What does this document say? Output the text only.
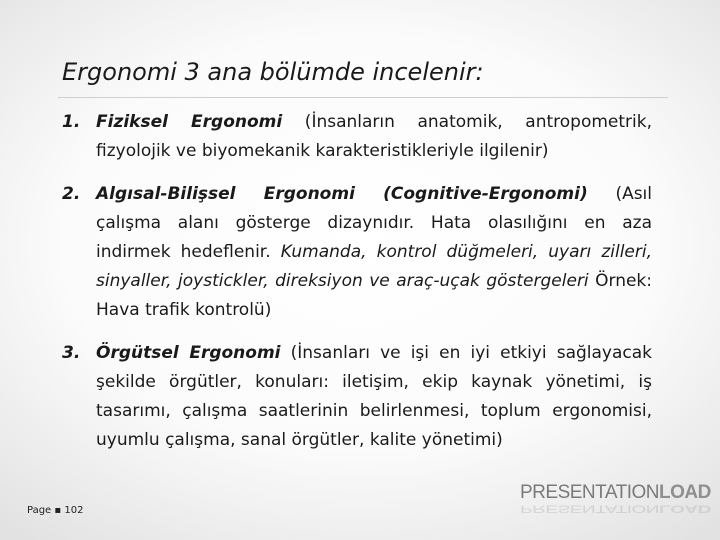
Ergonomi 3 ana bölümde incelenir:
1. Fiziksel Ergonomi (İnsanların anatomik, antropometrik, fizyolojik ve biyomekanik karakteristikleriyle ilgilenir)
2. Algısal-Bilişsel Ergonomi (Cognitive-Ergonomi) (Asıl çalışma alanı gösterge dizaynıdır. Hata olasılığını en aza indirmek hedeflenir. Kumanda, kontrol düğmeleri, uyarı zilleri, sinyaller, joystickler, direksiyon ve araç-uçak göstergeleri Örnek: Hava trafik kontrolü)
3. Örgütsel Ergonomi (İnsanları ve işi en iyi etkiyi sağlayacak şekilde örgütler, konuları: iletişim, ekip kaynak yönetimi, iş tasarımı, çalışma saatlerinin belirlenmesi, toplum ergonomisi, uyumlu çalışma, sanal örgütler, kalite yönetimi)
Page ▪ 102
PRESENTATIONLOAD
PRESENTATIONLOAD
